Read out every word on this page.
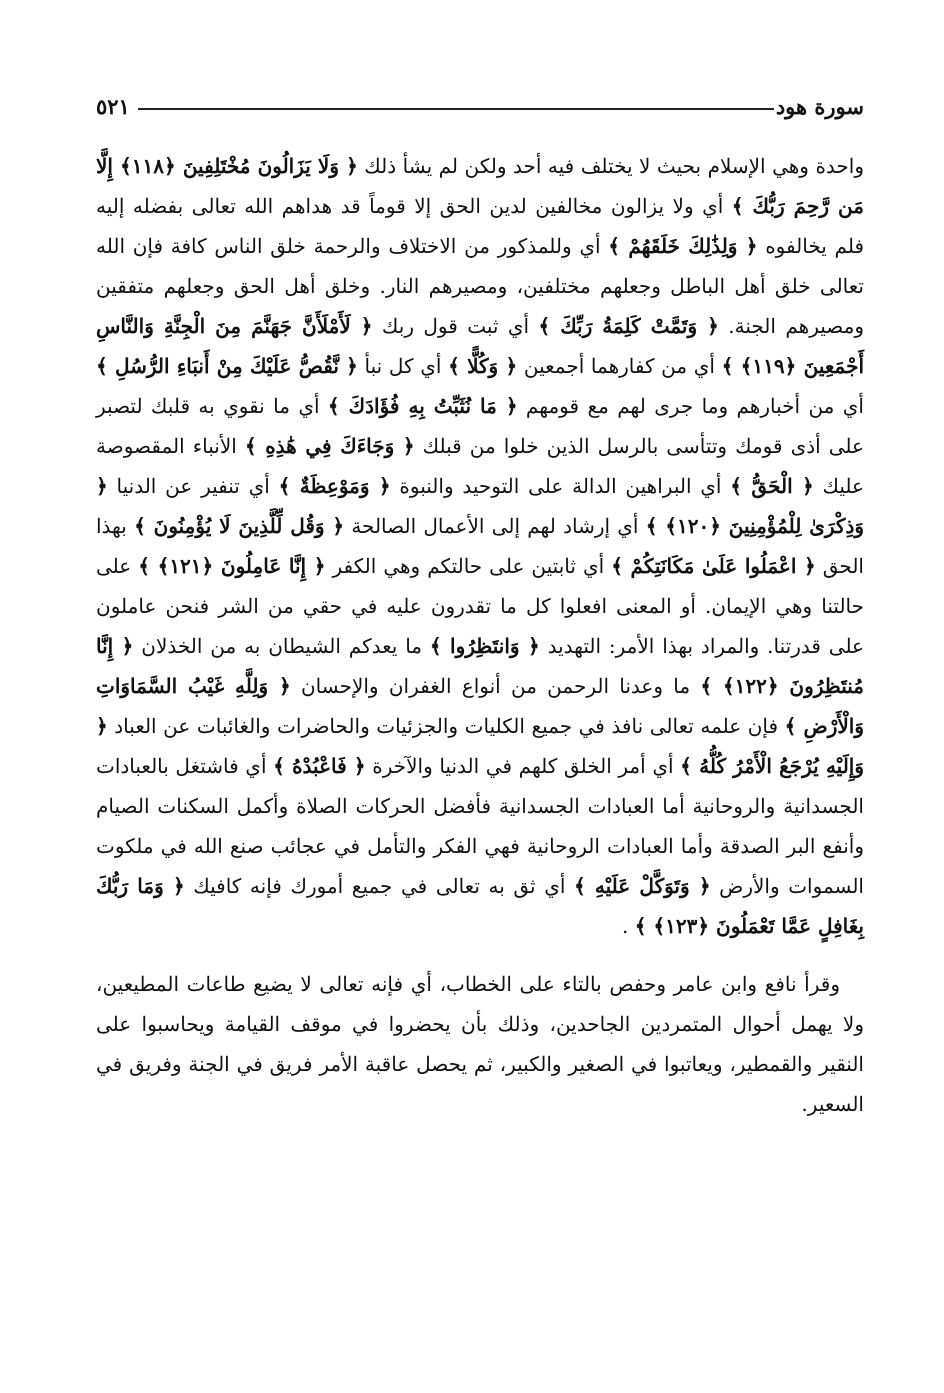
سورة هود
٥٢١

واحدة وهي الإسلام بحيث لا يختلف فيه أحد ولكن لم يشأ ذلك ﴿ وَلَا يَزَالُونَ مُخْتَلِفِينَ ﴿١١٨﴾ إِلَّا مَن رَّحِمَ رَبُّكَ ﴾ أي ولا يزالون مخالفين لدين الحق إلا قوماً قد هداهم الله تعالى بفضله إليه فلم يخالفوه ﴿ وَلِذَٰلِكَ خَلَقَهُمْ ﴾ أي وللمذكور من الاختلاف والرحمة خلق الناس كافة فإن الله تعالى خلق أهل الباطل وجعلهم مختلفين، ومصيرهم النار. وخلق أهل الحق وجعلهم متفقين ومصيرهم الجنة. ﴿ وَتَمَّتْ كَلِمَةُ رَبِّكَ ﴾ أي ثبت قول ربك ﴿ لَأَمْلَأَنَّ جَهَنَّمَ مِنَ الْجِنَّةِ وَالنَّاسِ أَجْمَعِينَ ﴿١١٩﴾ ﴾ أي من كفارهما أجمعين ﴿ وَكُلًّا ﴾ أي كل نبأ ﴿ نَّقُصُّ عَلَيْكَ مِنْ أَنبَاءِ الرُّسُلِ ﴾ أي من أخبارهم وما جرى لهم مع قومهم ﴿ مَا نُثَبِّتُ بِهِ فُؤَادَكَ ﴾ أي ما نقوي به قلبك لتصبر على أذى قومك وتتأسى بالرسل الذين خلوا من قبلك ﴿ وَجَاءَكَ فِي هَٰذِهِ ﴾ الأنباء المقصوصة عليك ﴿ الْحَقُّ ﴾ أي البراهين الدالة على التوحيد والنبوة ﴿ وَمَوْعِظَةٌ ﴾ أي تنفير عن الدنيا ﴿ وَذِكْرَىٰ لِلْمُؤْمِنِينَ ﴿١٢٠﴾ ﴾ أي إرشاد لهم إلى الأعمال الصالحة ﴿ وَقُل لِّلَّذِينَ لَا يُؤْمِنُونَ ﴾ بهذا الحق ﴿ اعْمَلُوا عَلَىٰ مَكَانَتِكُمْ ﴾ أي ثابتين على حالتكم وهي الكفر ﴿ إِنَّا عَامِلُونَ ﴿١٢١﴾ ﴾ على حالتنا وهي الإيمان. أو المعنى افعلوا كل ما تقدرون عليه في حقي من الشر فنحن عاملون على قدرتنا. والمراد بهذا الأمر: التهديد ﴿ وَانتَظِرُوا ﴾ ما يعدكم الشيطان به من الخذلان ﴿ إِنَّا مُنتَظِرُونَ ﴿١٢٢﴾ ﴾ ما وعدنا الرحمن من أنواع الغفران والإحسان ﴿ وَلِلَّهِ غَيْبُ السَّمَاوَاتِ وَالْأَرْضِ ﴾ فإن علمه تعالى نافذ في جميع الكليات والجزئيات والحاضرات والغائبات عن العباد ﴿ وَإِلَيْهِ يُرْجَعُ الْأَمْرُ كُلُّهُ ﴾ أي أمر الخلق كلهم في الدنيا والآخرة ﴿ فَاعْبُدْهُ ﴾ أي فاشتغل بالعبادات الجسدانية والروحانية أما العبادات الجسدانية فأفضل الحركات الصلاة وأكمل السكنات الصيام وأنفع البر الصدقة وأما العبادات الروحانية فهي الفكر والتأمل في عجائب صنع الله في ملكوت السموات والأرض ﴿ وَتَوَكَّلْ عَلَيْهِ ﴾ أي ثق به تعالى في جميع أمورك فإنه كافيك ﴿ وَمَا رَبُّكَ بِغَافِلٍ عَمَّا تَعْمَلُونَ ﴿١٢٣﴾ ﴾ .

وقرأ نافع وابن عامر وحفص بالتاء على الخطاب، أي فإنه تعالى لا يضيع طاعات المطيعين، ولا يهمل أحوال المتمردين الجاحدين، وذلك بأن يحضروا في موقف القيامة ويحاسبوا على النقير والقمطير، ويعاتبوا في الصغير والكبير، ثم يحصل عاقبة الأمر فريق في الجنة وفريق في السعير.
